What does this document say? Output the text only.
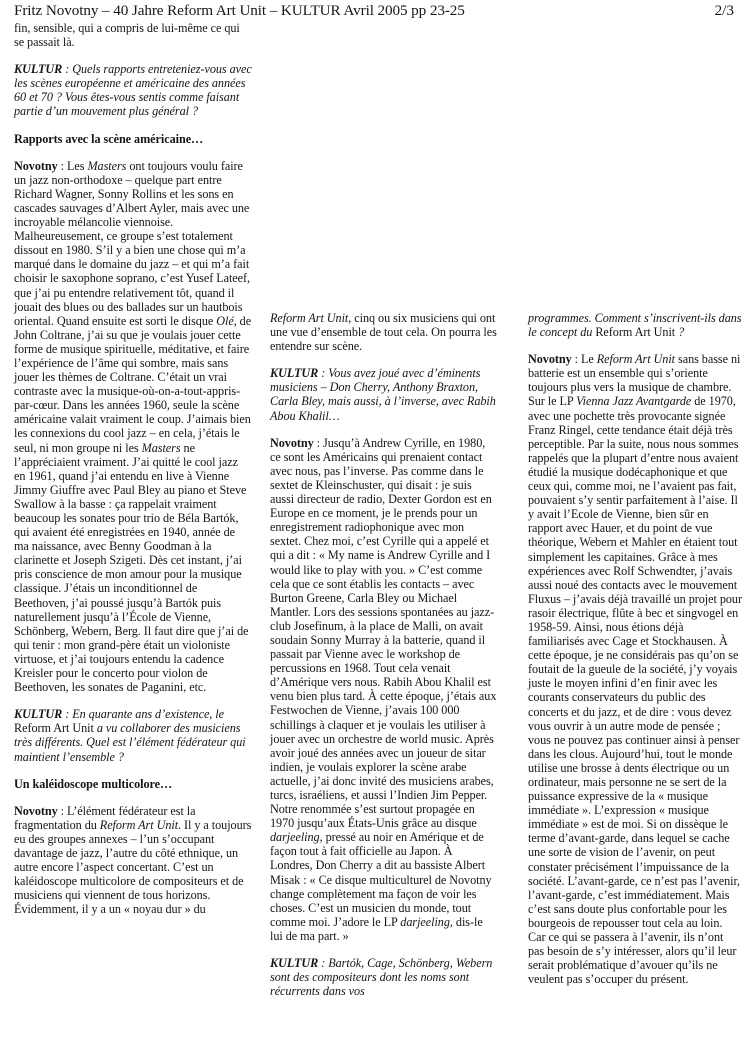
Fritz Novotny – 40 Jahre Reform Art Unit – KULTUR Avril 2005 pp 23-25	2/3

fin, sensible, qui a compris de lui-même ce qui se passait là.

KULTUR : Quels rapports entreteniez-vous avec les scènes européenne et américaine des années 60 et 70 ? Vous êtes-vous sentis comme faisant partie d’un mouvement plus général ?

Rapports avec la scène américaine…

Novotny : Les Masters ont toujours voulu faire un jazz non-orthodoxe – quelque part entre Richard Wagner, Sonny Rollins et les sons en cascades sauvages d’Albert Ayler, mais avec une incroyable mélancolie viennoise. Malheureusement, ce groupe s’est totalement dissout en 1980. S’il y a bien une chose qui m’a marqué dans le domaine du jazz – et qui m’a fait choisir le saxophone soprano, c’est Yusef Lateef, que j’ai pu entendre relativement tôt, quand il jouait des blues ou des ballades sur un hautbois oriental. Quand ensuite est sorti le disque Olé, de John Coltrane, j’ai su que je voulais jouer cette forme de musique spirituelle, méditative, et faire l’expérience de l’âme qui sombre, mais sans jouer les thèmes de Coltrane. C’était un vrai contraste avec la musique-où-on-a-tout-appris-par-cœur. Dans les années 1960, seule la scène américaine valait vraiment le coup. J’aimais bien les connexions du cool jazz – en cela, j’étais le seul, ni mon groupe ni les Masters ne l’appréciaient vraiment. J’ai quitté le cool jazz en 1961, quand j’ai entendu en live à Vienne Jimmy Giuffre avec Paul Bley au piano et Steve Swallow à la basse : ça rappelait vraiment beaucoup les sonates pour trio de Béla Bartók, qui avaient été enregistrées en 1940, année de ma naissance, avec Benny Goodman à la clarinette et Joseph Szigeti. Dès cet instant, j’ai pris conscience de mon amour pour la musique classique. J’étais un inconditionnel de Beethoven, j’ai poussé jusqu’à Bartók puis naturellement jusqu’à l’École de Vienne, Schönberg, Webern, Berg. Il faut dire que j’ai de qui tenir : mon grand-père était un violoniste virtuose, et j’ai toujours entendu la cadence Kreisler pour le concerto pour violon de Beethoven, les sonates de Paganini, etc.

KULTUR : En quarante ans d’existence, le Reform Art Unit a vu collaborer des musiciens très différents. Quel est l’élément fédérateur qui maintient l’ensemble ?

Un kaléidoscope multicolore…

Novotny : L’élément fédérateur est la fragmentation du Reform Art Unit. Il y a toujours eu des groupes annexes – l’un s’occupant davantage de jazz, l’autre du côté ethnique, un autre encore l’aspect concertant. C’est un kaléidoscope multicolore de compositeurs et de musiciens qui viennent de tous horizons. Évidemment, il y a un « noyau dur » du

Reform Art Unit, cinq ou six musiciens qui ont une vue d’ensemble de tout cela. On pourra les entendre sur scène.

KULTUR : Vous avez joué avec d’éminents musiciens – Don Cherry, Anthony Braxton, Carla Bley, mais aussi, à l’inverse, avec Rabih Abou Khalil…

Novotny : Jusqu’à Andrew Cyrille, en 1980, ce sont les Américains qui prenaient contact avec nous, pas l’inverse. Pas comme dans le sextet de Kleinschuster, qui disait : je suis aussi directeur de radio, Dexter Gordon est en Europe en ce moment, je le prends pour un enregistrement radiophonique avec mon sextet. Chez moi, c’est Cyrille qui a appelé et qui a dit : « My name is Andrew Cyrille and I would like to play with you. » C’est comme cela que ce sont établis les contacts – avec Burton Greene, Carla Bley ou Michael Mantler. Lors des sessions spontanées au jazz-club Josefinum, à la place de Malli, on avait soudain Sonny Murray à la batterie, quand il passait par Vienne avec le workshop de percussions en 1968. Tout cela venait d’Amérique vers nous. Rabih Abou Khalil est venu bien plus tard. À cette époque, j’étais aux Festwochen de Vienne, j’avais 100 000 schillings à claquer et je voulais les utiliser à jouer avec un orchestre de world music. Après avoir joué des années avec un joueur de sitar indien, je voulais explorer la scène arabe actuelle, j’ai donc invité des musiciens arabes, turcs, israéliens, et aussi l’Indien Jim Pepper. Notre renommée s’est surtout propagée en 1970 jusqu’aux États-Unis grâce au disque darjeeling, pressé au noir en Amérique et de façon tout à fait officielle au Japon. À Londres, Don Cherry a dit au bassiste Albert Misak : « Ce disque multiculturel de Novotny change complètement ma façon de voir les choses. C’est un musicien du monde, tout comme moi. J’adore le LP darjeeling, dis-le lui de ma part. »

KULTUR : Bartók, Cage, Schönberg, Webern sont des compositeurs dont les noms sont récurrents dans vos

programmes. Comment s’inscrivent-ils dans le concept du Reform Art Unit ?

Novotny : Le Reform Art Unit sans basse ni batterie est un ensemble qui s’oriente toujours plus vers la musique de chambre. Sur le LP Vienna Jazz Avantgarde de 1970, avec une pochette très provocante signée Franz Ringel, cette tendance était déjà très perceptible. Par la suite, nous nous sommes rappelés que la plupart d’entre nous avaient étudié la musique dodécaphonique et que ceux qui, comme moi, ne l’avaient pas fait, pouvaient s’y sentir parfaitement à l’aise. Il y avait l’Ecole de Vienne, bien sûr en rapport avec Hauer, et du point de vue théorique, Webern et Mahler en étaient tout simplement les capitaines. Grâce à mes expériences avec Rolf Schwendter, j’avais aussi noué des contacts avec le mouvement Fluxus – j’avais déjà travaillé un projet pour rasoir électrique, flûte à bec et singvogel en 1958-59. Ainsi, nous étions déjà familiarisés avec Cage et Stockhausen. À cette époque, je ne considérais pas qu’on se foutait de la gueule de la société, j’y voyais juste le moyen infini d’en finir avec les courants conservateurs du public des concerts et du jazz, et de dire : vous devez vous ouvrir à un autre mode de pensée ; vous ne pouvez pas continuer ainsi à penser dans les clous. Aujourd’hui, tout le monde utilise une brosse à dents électrique ou un ordinateur, mais personne ne se sert de la puissance expressive de la « musique immédiate ». L’expression « musique immédiate » est de moi. Si on dissèque le terme d’avant-garde, dans lequel se cache une sorte de vision de l’avenir, on peut constater précisément l’impuissance de la société. L’avant-garde, ce n’est pas l’avenir, l’avant-garde, c’est immédiatement. Mais c’est sans doute plus confortable pour les bourgeois de repousser tout cela au loin. Car ce qui se passera à l’avenir, ils n’ont pas besoin de s’y intéresser, alors qu’il leur serait problématique d’avouer qu’ils ne veulent pas s’occuper du présent.
